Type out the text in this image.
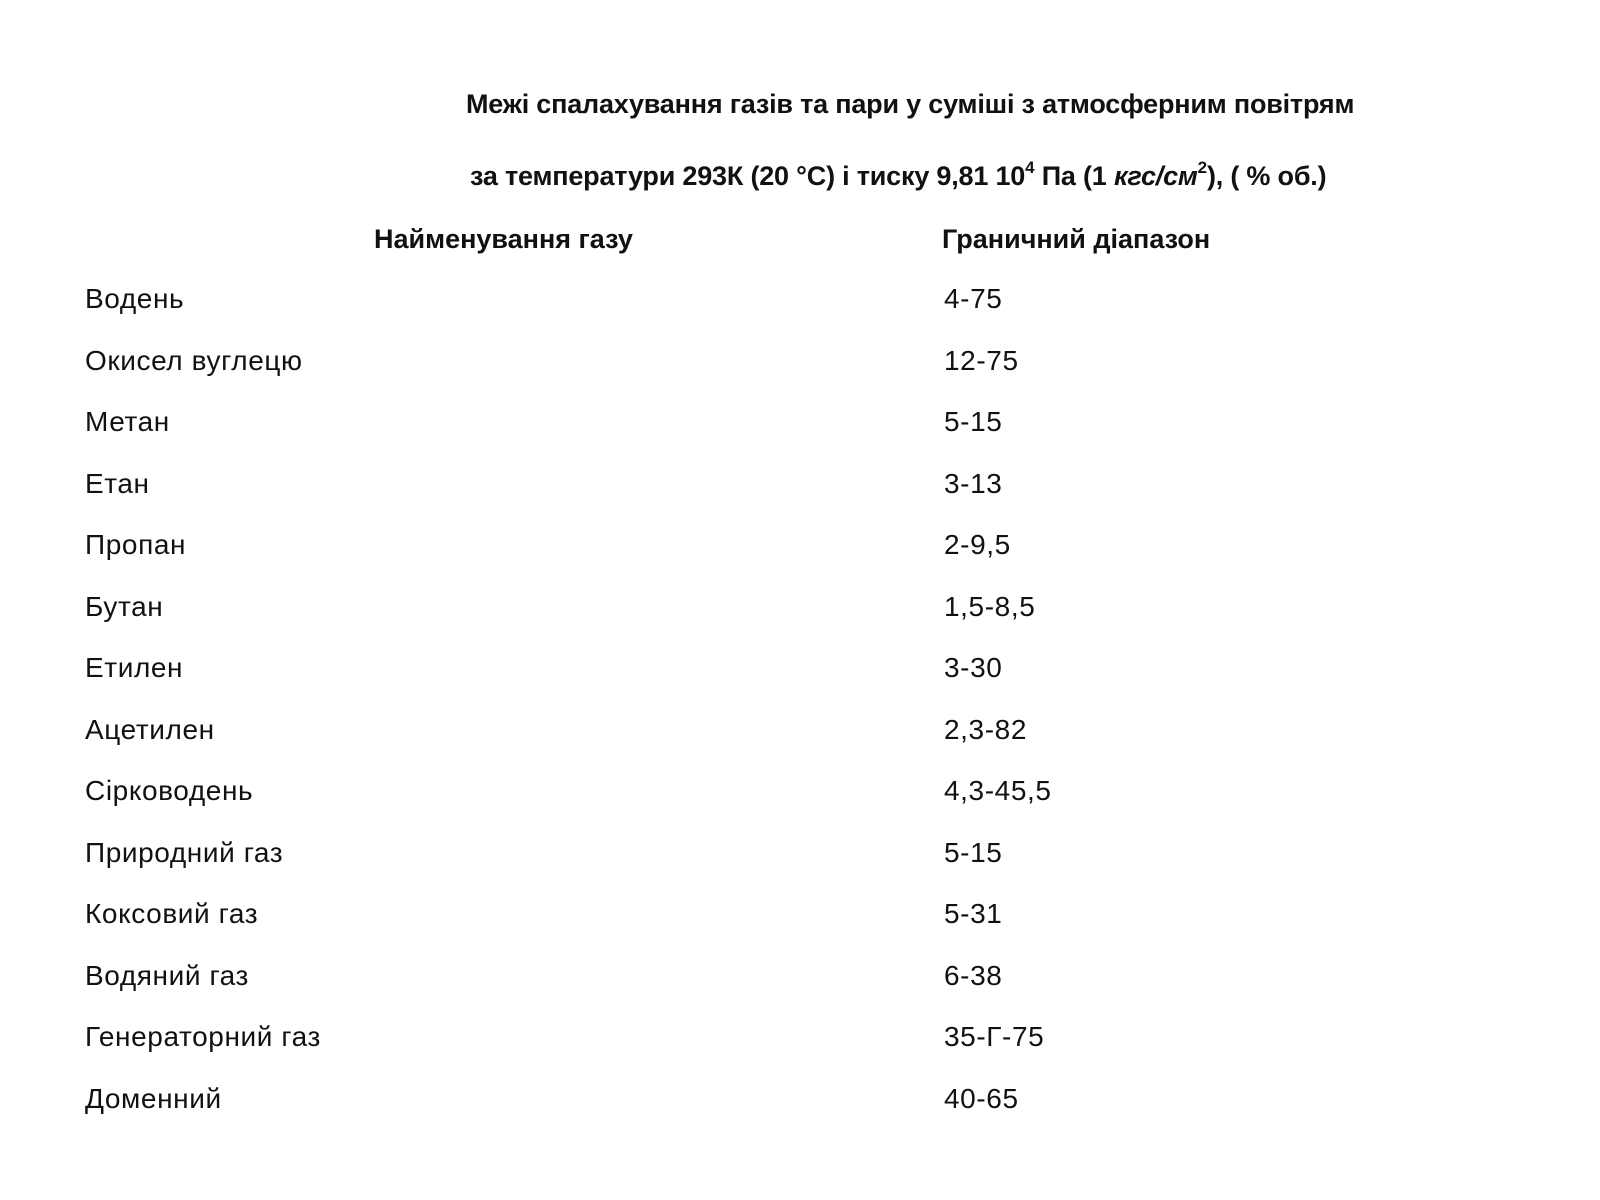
Межі спалахування газів та пари у суміші з атмосферним повітрям
за температури 293К (20 °C) і тиску 9,81 $10^4$ Па (1 кгс/$см^2$), ( % об.)
Найменування газу	Граничний діапазон
Водень	4-75
Окисел вуглецю	12-75
Метан	5-15
Етан	3-13
Пропан	2-9,5
Бутан	1,5-8,5
Етилен	3-30
Ацетилен	2,3-82
Сірководень	4,3-45,5
Природний газ	5-15
Коксовий газ	5-31
Водяний газ	6-38
Генераторний газ	35-Г-75
Доменний	40-65
